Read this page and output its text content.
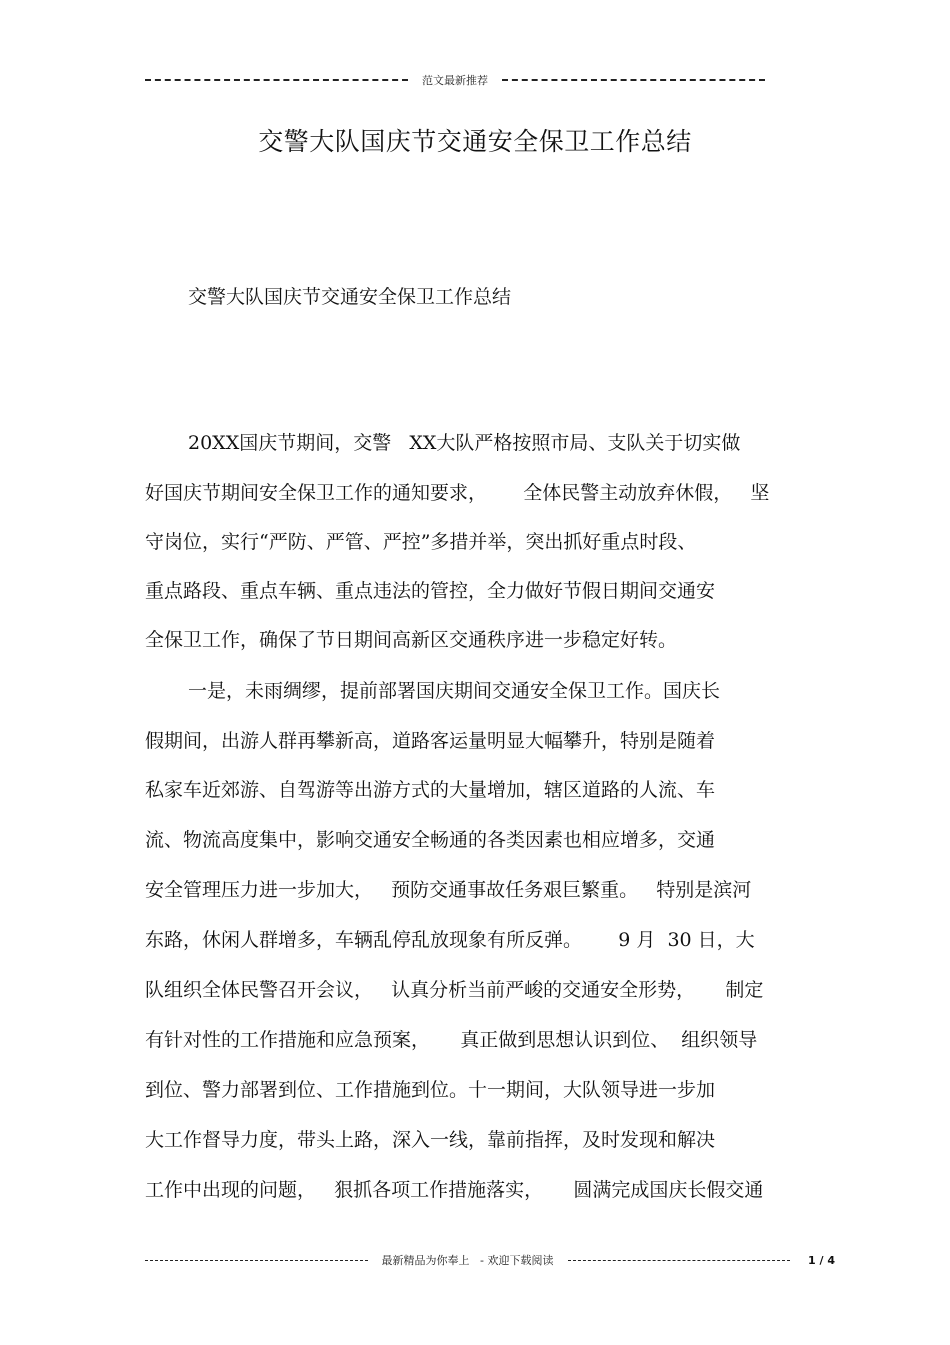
范文最新推荐
交警大队国庆节交通安全保卫工作总结
交警大队国庆节交通安全保卫工作总结
20XX国庆节期间，交警   XX大队严格按照市局、支队关于切实做
好国庆节期间安全保卫工作的通知要求，      全体民警主动放弃休假，   坚
守岗位，实行“严防、严管、严控”多措并举，突出抓好重点时段、
重点路段、重点车辆、重点违法的管控，全力做好节假日期间交通安
全保卫工作，确保了节日期间高新区交通秩序进一步稳定好转。
一是，未雨绸缪，提前部署国庆期间交通安全保卫工作。国庆长
假期间，出游人群再攀新高，道路客运量明显大幅攀升，特别是随着
私家车近郊游、自驾游等出游方式的大量增加，辖区道路的人流、车
流、物流高度集中，影响交通安全畅通的各类因素也相应增多，交通
安全管理压力进一步加大，   预防交通事故任务艰巨繁重。   特别是滨河
东路，休闲人群增多，车辆乱停乱放现象有所反弹。      9 月  30 日，大
队组织全体民警召开会议，   认真分析当前严峻的交通安全形势，     制定
有针对性的工作措施和应急预案，     真正做到思想认识到位、  组织领导
到位、警力部署到位、工作措施到位。十一期间，大队领导进一步加
大工作督导力度，带头上路，深入一线，靠前指挥，及时发现和解决
工作中出现的问题，   狠抓各项工作措施落实，     圆满完成国庆长假交通
最新精品为你奉上   - 欢迎下载阅读	1 / 4
